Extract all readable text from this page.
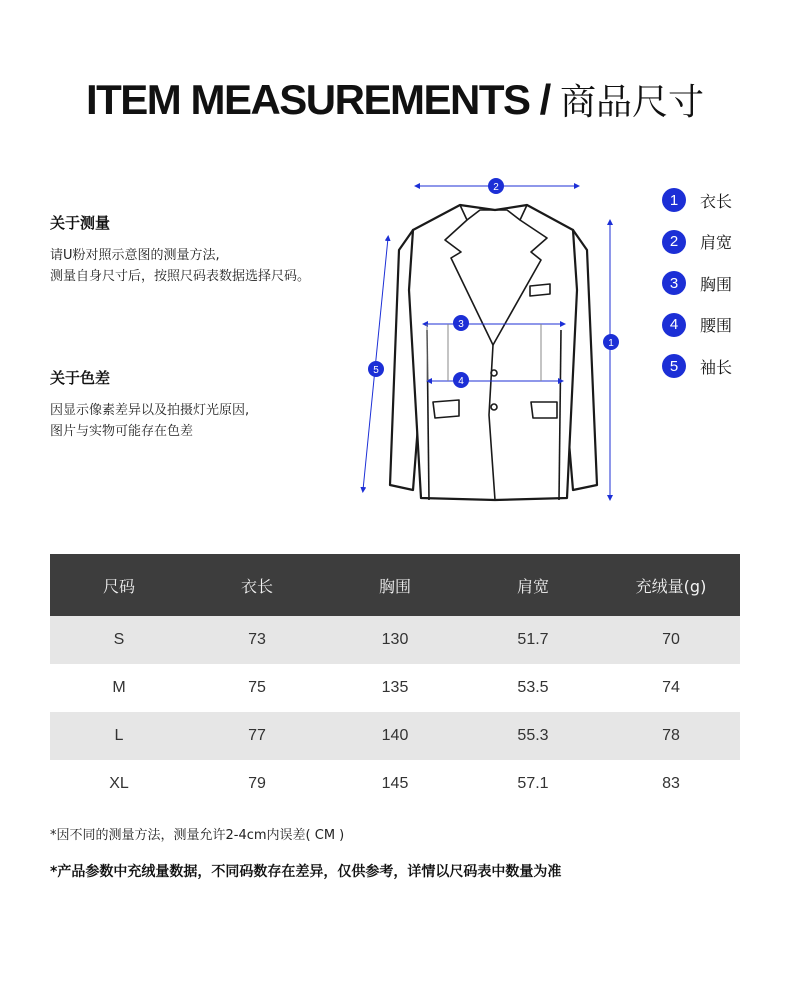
ITEM MEASUREMENTS / 商品尺寸
关于测量

请U粉对照示意图的测量方法,

测量自身尺寸后，按照尺码表数据选择尺码。

关于色差

因显示像素差异以及拍摄灯光原因,

图片与实物可能存在色差

2
1
3
4
5
1	衣长
2	肩宽
3	胸围
4	腰围
5	袖长
尺码	衣长	胸围	肩宽	充绒量(g)

S	73	130	51.7	70
M	75	135	53.5	74
L	77	140	55.3	78
XL	79	145	57.1	83
*因不同的测量方法，测量允许2-4cm内误差( CM )
*产品参数中充绒量数据，不同码数存在差异，仅供参考，详情以尺码表中数量为准
